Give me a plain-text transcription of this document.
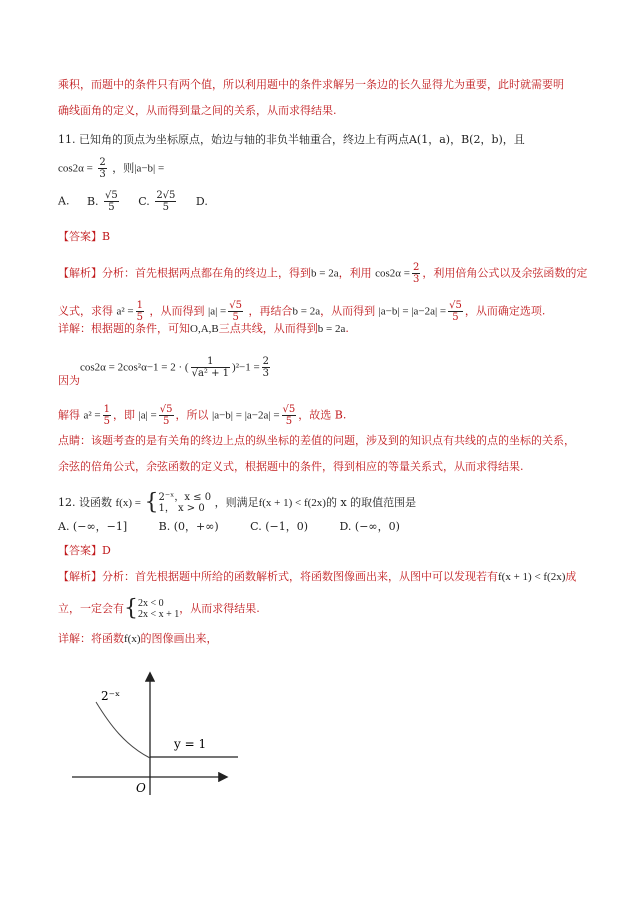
乘积，而题中的条件只有两个值，所以利用题中的条件求解另一条边的长久显得尤为重要，此时就需要明
确线面角的定义，从而得到量之间的关系，从而求得结果.
11. 已知角的顶点为坐标原点，始边与轴的非负半轴重合，终边上有两点A(1，a)，B(2，b)，且
$\cos 2\alpha = \frac{2}{3}$ ，则|a−b| =
A. B. $\frac{√5}{5} C$. $\frac{2√5}{5} D$.
【答案】B
【解析】分析：首先根据两点都在角的终边上，得到b = 2a，利用 $\cos 2\alpha = \frac{2}{3}$ ，利用倍角公式以及余弦函数的定
义式，求得 $a^2 = \frac{1}{5}$ ，从而得到 $|a| = \frac{√5}{5}$ ，再结合b = 2a，从而得到 $|a-b| = |a-2a| = \frac{√5}{5}$ ，从而确定选项.
详解：根据题的条件，可知O,A,B三点共线，从而得到b = 2a.
cos2α = 2cos²α−1 = 2 · ( $\frac{1}{\text{√a² + 1}} )^2-1 = \frac{2}{3}$
因为
解得 $a^2 = \frac{1}{5}$ ，即 $|a| = \frac{√5}{5}$ ，所以 $|a-b| = |a-2a| = \frac{√5}{5}$ ，故选 B.
点睛：该题考查的是有关角的终边上点的纵坐标的差值的问题，涉及到的知识点有共线的点的坐标的关系，
余弦的倍角公式，余弦函数的定义式，根据题中的条件，得到相应的等量关系式，从而求得结果.
12. 设函数 f(x) = { 2⁻ˣ，x ≤ 0
1， x > 0 ，则满足f(x + 1) < f(2x)的 x 的取值范围是
A. (−∞，−1]	B. (0，+∞)	C. (−1，0)	D. (−∞，0)
【答案】D
【解析】分析：首先根据题中所给的函数解析式，将函数图像画出来，从图中可以发现若有f(x + 1) < f(2x)成
立，一定会有{ 2x < 0
2x < x + 1 ，从而求得结果.
详解：将函数f(x)的图像画出来，
2⁻ˣ
y = 1
O
